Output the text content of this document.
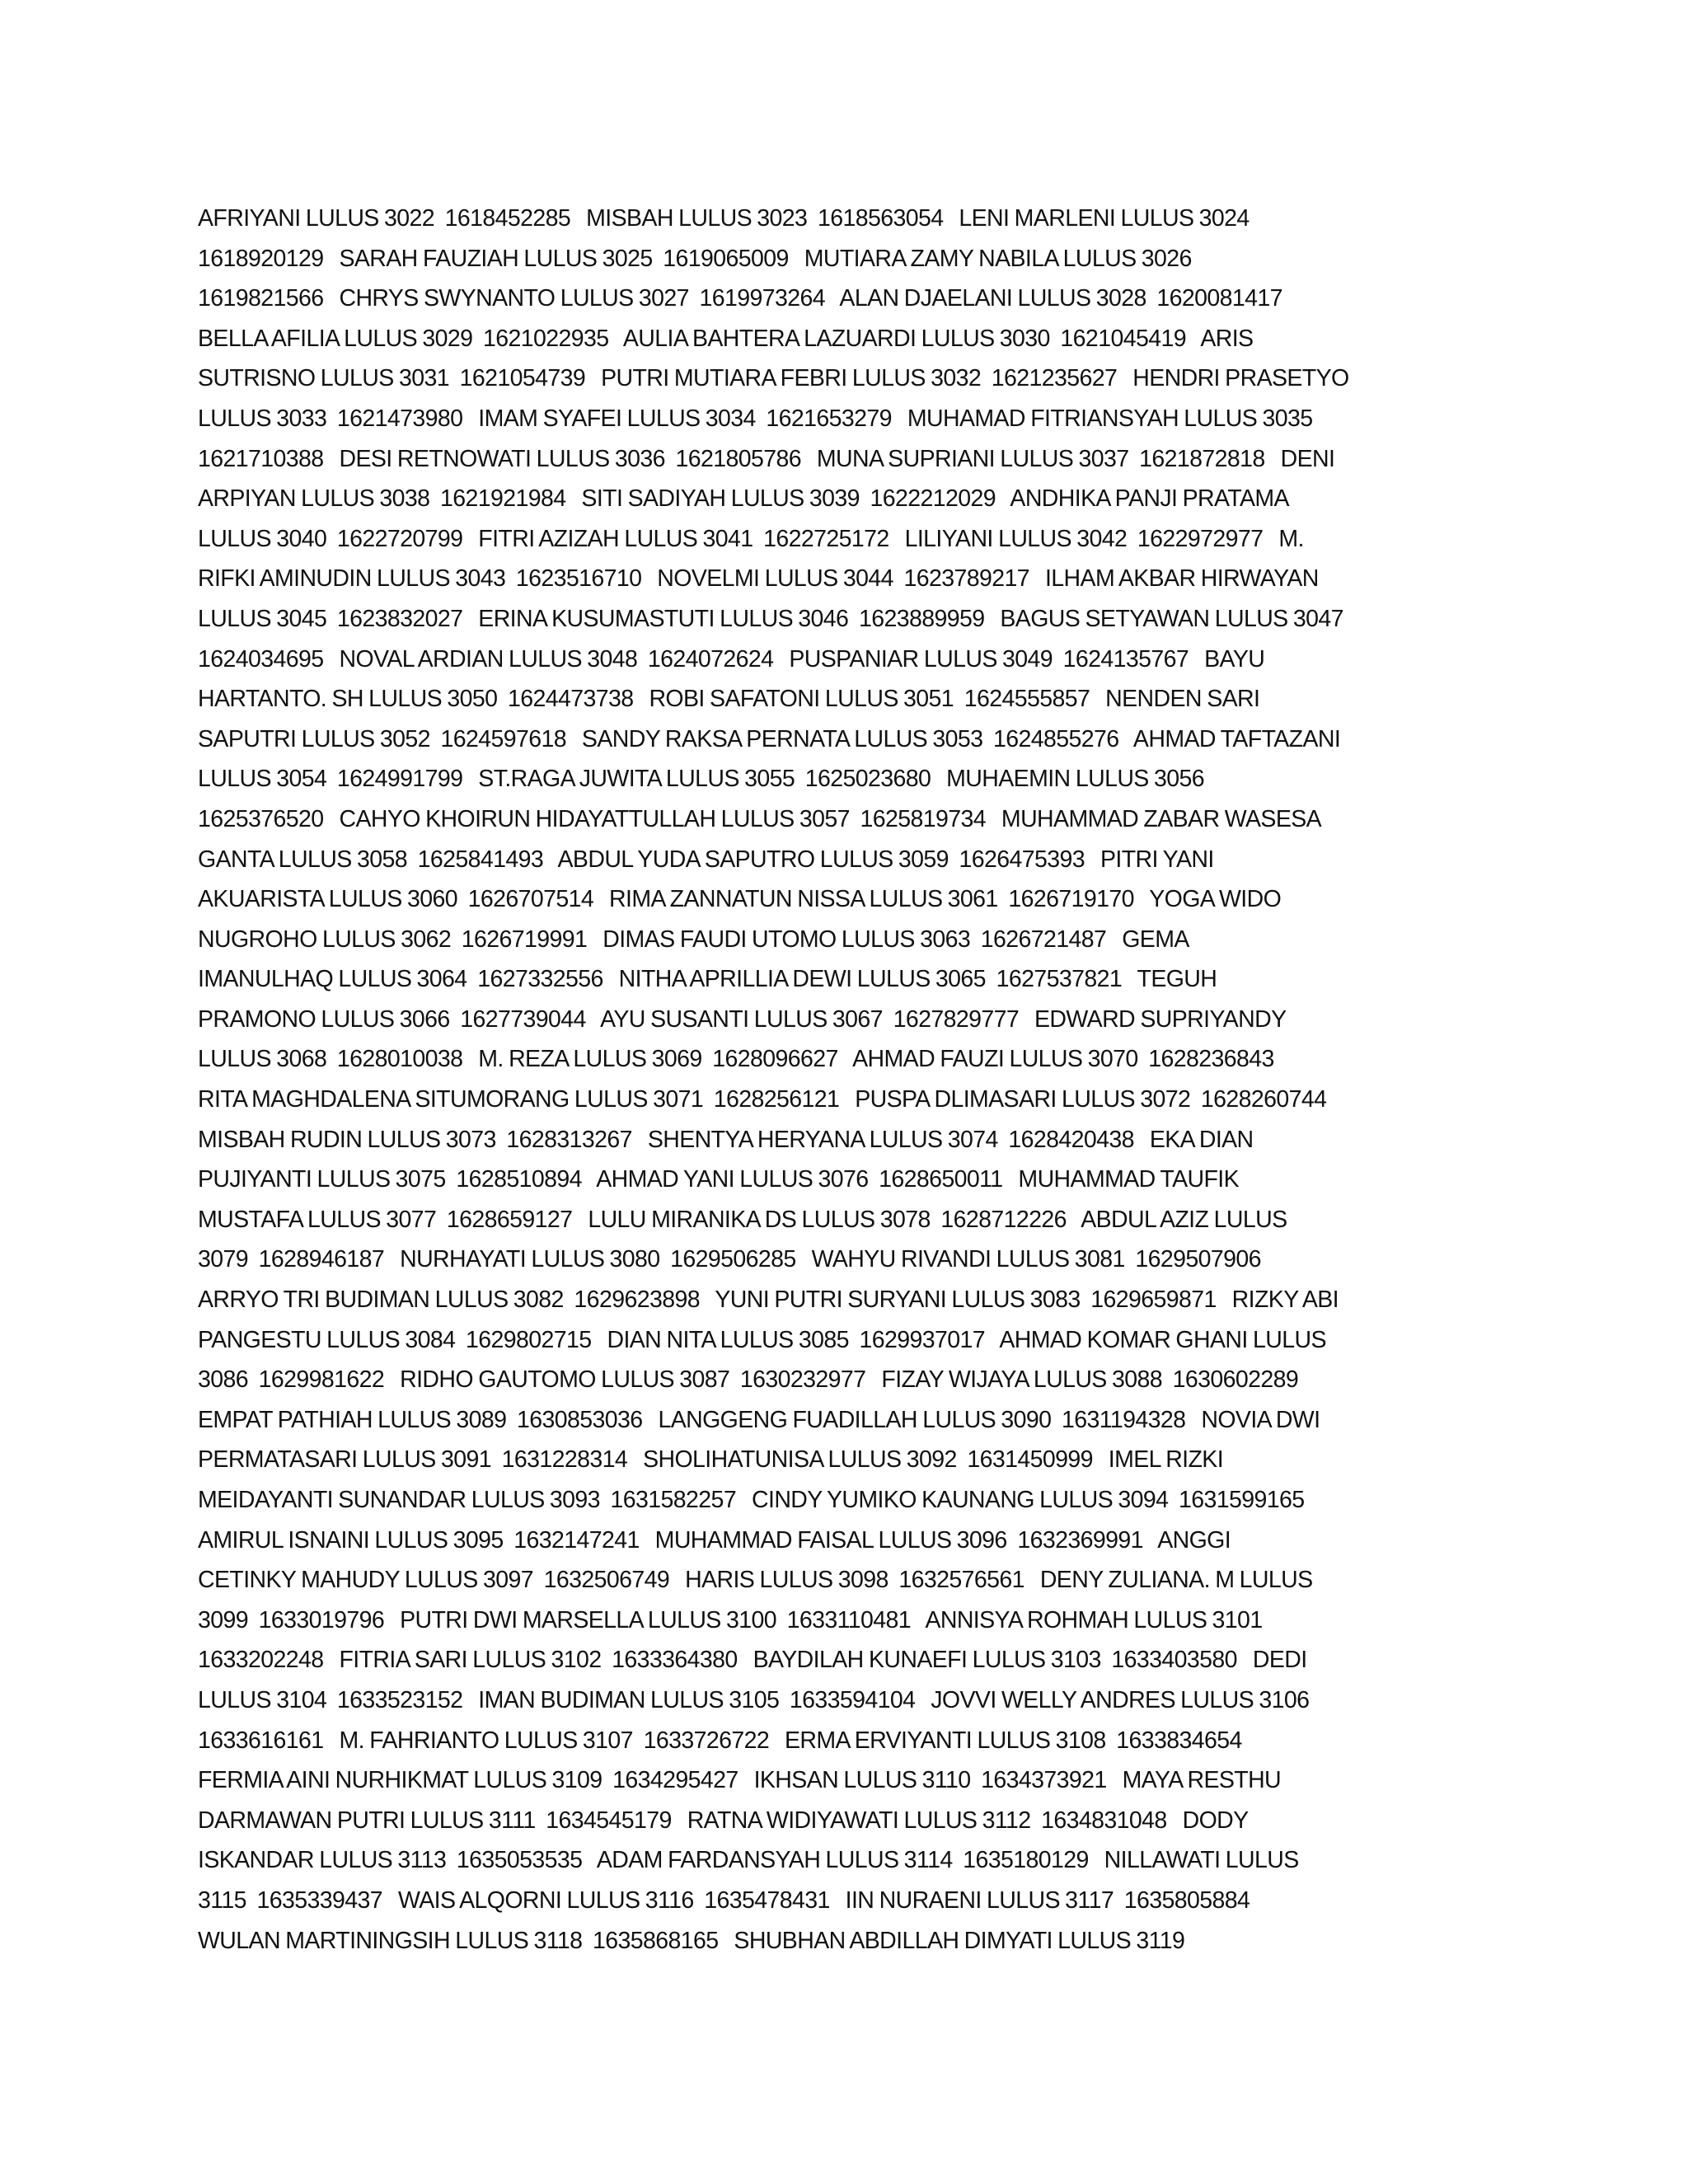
AFRIYANI LULUS 3022  1618452285   MISBAH LULUS 3023  1618563054   LENI MARLENI LULUS 3024
1618920129   SARAH FAUZIAH LULUS 3025  1619065009   MUTIARA ZAMY NABILA LULUS 3026
1619821566   CHRYS SWYNANTO LULUS 3027  1619973264   ALAN DJAELANI LULUS 3028  1620081417
BELLA AFILIA LULUS 3029  1621022935   AULIA BAHTERA LAZUARDI LULUS 3030  1621045419   ARIS
SUTRISNO LULUS 3031  1621054739   PUTRI MUTIARA FEBRI LULUS 3032  1621235627   HENDRI PRASETYO
LULUS 3033  1621473980   IMAM SYAFEI LULUS 3034  1621653279   MUHAMAD FITRIANSYAH LULUS 3035
1621710388   DESI RETNOWATI LULUS 3036  1621805786   MUNA SUPRIANI LULUS 3037  1621872818   DENI
ARPIYAN LULUS 3038  1621921984   SITI SADIYAH LULUS 3039  1622212029   ANDHIKA PANJI PRATAMA
LULUS 3040  1622720799   FITRI AZIZAH LULUS 3041  1622725172   LILIYANI LULUS 3042  1622972977   M.
RIFKI AMINUDIN LULUS 3043  1623516710   NOVELMI LULUS 3044  1623789217   ILHAM AKBAR HIRWAYAN
LULUS 3045  1623832027   ERINA KUSUMASTUTI LULUS 3046  1623889959   BAGUS SETYAWAN LULUS 3047
1624034695   NOVAL ARDIAN LULUS 3048  1624072624   PUSPANIAR LULUS 3049  1624135767   BAYU
HARTANTO. SH LULUS 3050  1624473738   ROBI SAFATONI LULUS 3051  1624555857   NENDEN SARI
SAPUTRI LULUS 3052  1624597618   SANDY RAKSA PERNATA LULUS 3053  1624855276   AHMAD TAFTAZANI
LULUS 3054  1624991799   ST.RAGA JUWITA LULUS 3055  1625023680   MUHAEMIN LULUS 3056
1625376520   CAHYO KHOIRUN HIDAYATTULLAH LULUS 3057  1625819734   MUHAMMAD ZABAR WASESA
GANTA LULUS 3058  1625841493   ABDUL YUDA SAPUTRO LULUS 3059  1626475393   PITRI YANI
AKUARISTA LULUS 3060  1626707514   RIMA ZANNATUN NISSA LULUS 3061  1626719170   YOGA WIDO
NUGROHO LULUS 3062  1626719991   DIMAS FAUDI UTOMO LULUS 3063  1626721487   GEMA
IMANULHAQ LULUS 3064  1627332556   NITHA APRILLIA DEWI LULUS 3065  1627537821   TEGUH
PRAMONO LULUS 3066  1627739044   AYU SUSANTI LULUS 3067  1627829777   EDWARD SUPRIYANDY
LULUS 3068  1628010038   M. REZA LULUS 3069  1628096627   AHMAD FAUZI LULUS 3070  1628236843
RITA MAGHDALENA SITUMORANG LULUS 3071  1628256121   PUSPA DLIMASARI LULUS 3072  1628260744
MISBAH RUDIN LULUS 3073  1628313267   SHENTYA HERYANA LULUS 3074  1628420438   EKA DIAN
PUJIYANTI LULUS 3075  1628510894   AHMAD YANI LULUS 3076  1628650011   MUHAMMAD TAUFIK
MUSTAFA LULUS 3077  1628659127   LULU MIRANIKA DS LULUS 3078  1628712226   ABDUL AZIZ LULUS
3079  1628946187   NURHAYATI LULUS 3080  1629506285   WAHYU RIVANDI LULUS 3081  1629507906
ARRYO TRI BUDIMAN LULUS 3082  1629623898   YUNI PUTRI SURYANI LULUS 3083  1629659871   RIZKY ABI
PANGESTU LULUS 3084  1629802715   DIAN NITA LULUS 3085  1629937017   AHMAD KOMAR GHANI LULUS
3086  1629981622   RIDHO GAUTOMO LULUS 3087  1630232977   FIZAY WIJAYA LULUS 3088  1630602289
EMPAT PATHIAH LULUS 3089  1630853036   LANGGENG FUADILLAH LULUS 3090  1631194328   NOVIA DWI
PERMATASARI LULUS 3091  1631228314   SHOLIHATUNISA LULUS 3092  1631450999   IMEL RIZKI
MEIDAYANTI SUNANDAR LULUS 3093  1631582257   CINDY YUMIKO KAUNANG LULUS 3094  1631599165
AMIRUL ISNAINI LULUS 3095  1632147241   MUHAMMAD FAISAL LULUS 3096  1632369991   ANGGI
CETINKY MAHUDY LULUS 3097  1632506749   HARIS LULUS 3098  1632576561   DENY ZULIANA. M LULUS
3099  1633019796   PUTRI DWI MARSELLA LULUS 3100  1633110481   ANNISYA ROHMAH LULUS 3101
1633202248   FITRIA SARI LULUS 3102  1633364380   BAYDILAH KUNAEFI LULUS 3103  1633403580   DEDI
LULUS 3104  1633523152   IMAN BUDIMAN LULUS 3105  1633594104   JOVVI WELLY ANDRES LULUS 3106
1633616161   M. FAHRIANTO LULUS 3107  1633726722   ERMA ERVIYANTI LULUS 3108  1633834654
FERMIA AINI NURHIKMAT LULUS 3109  1634295427   IKHSAN LULUS 3110  1634373921   MAYA RESTHU
DARMAWAN PUTRI LULUS 3111  1634545179   RATNA WIDIYAWATI LULUS 3112  1634831048   DODY
ISKANDAR LULUS 3113  1635053535   ADAM FARDANSYAH LULUS 3114  1635180129   NILLAWATI LULUS
3115  1635339437   WAIS ALQORNI LULUS 3116  1635478431   IIN NURAENI LULUS 3117  1635805884
WULAN MARTININGSIH LULUS 3118  1635868165   SHUBHAN ABDILLAH DIMYATI LULUS 3119
